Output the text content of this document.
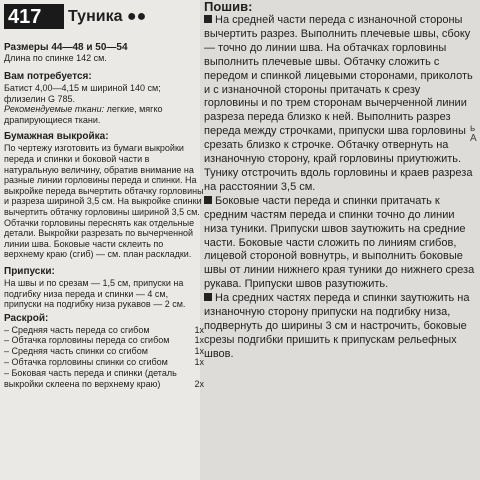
417	Туника ●●
Размеры 44—48 и 50—54
Длина по спинке 142 см.
Вам потребуется:
Батист 4,00—4,15 м шириной 140 см; флизелин G 785.
Рекомендуемые ткани: легкие, мягко драпирующиеся ткани.
Бумажная выкройка:
По чертежу изготовить из бумаги выкройки переда и спинки и боковой части в натуральную величину, обратив внимание на разные линии горловины переда и спинки. На выкройке переда вычертить обтачку горловины и разреза шириной 3,5 см. На выкройке спинки вычертить обтачку горловины шириной 3,5 см. Обтачки горловины переснять как отдельные детали. Выкройки разрезать по вычерченной линии шва. Боковые части склеить по верхнему краю (сгиб) — см. план раскладки.
Припуски:
На швы и по срезам — 1,5 см, припуски на подгибку низа переда и спинки — 4 см, припуски на подгибку низа рукавов — 2 см.
Раскрой:
– Средняя часть переда со сгибом	1x
– Обтачка горловины переда со сгибом	1x
– Средняя часть спинки со сгибом	1x
– Обтачка горловины спинки со сгибом	1x
– Боковая часть переда и спинки (деталь выкройки склеена по верхнему краю)	2x
Пошив:

На средней части переда с изнаночной стороны вычертить разрез. Выполнить плечевые швы, сбоку — точно до линии шва. На обтачках горловины выполнить плечевые швы. Обтачку сложить с передом и спинкой лицевыми сторонами, приколоть и с изнаночной стороны притачать к срезу горловины и по трем сторонам вычерченной линии разреза переда близко к ней. Выполнить разрез переда между строчками, припуски шва горловины срезать близко к строчке. Обтачку отвернуть на изнаночную сторону, край горловины приутюжить. Тунику отстрочить вдоль горловины и краев разреза на расстоянии 3,5 см.

Боковые части переда и спинки притачать к средним частям переда и спинки точно до линии низа туники. Припуски швов заутюжить на средние части. Боковые части сложить по линиям сгибов, лицевой стороной вовнутрь, и выполнить боковые швы от линии нижнего края туники до нижнего среза рукава. Припуски швов разутюжить.

На средних частях переда и спинки заутюжить на изнаночную сторону припуски на подгибку низа, подвернуть до ширины 3 см и настрочить, боковые срезы подгибки пришить к припускам рельефных швов.

ь А
